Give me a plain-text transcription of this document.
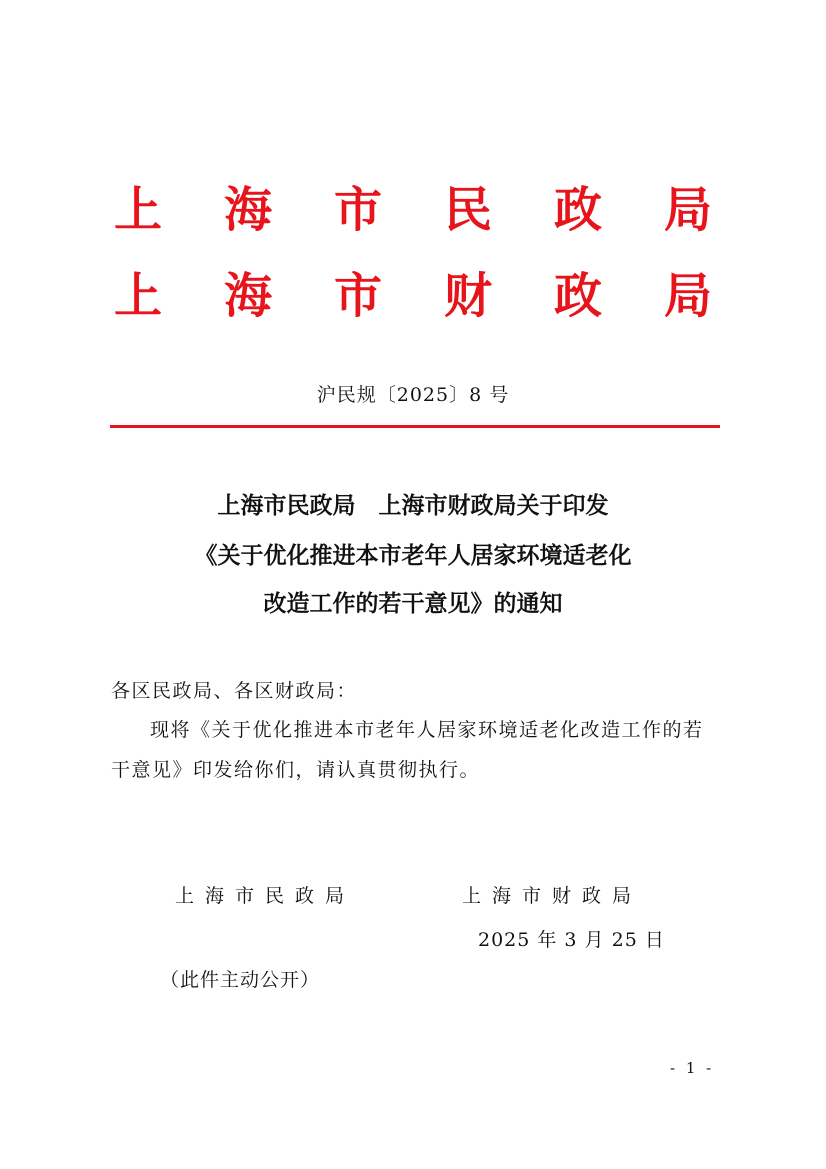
上 海 市 民 政 局
上 海 市 财 政 局
沪民规〔2025〕8 号
上海市民政局　上海市财政局关于印发
《关于优化推进本市老年人居家环境适老化
改造工作的若干意见》的通知
各区民政局、各区财政局：
现将《关于优化推进本市老年人居家环境适老化改造工作的若
干意见》印发给你们，请认真贯彻执行。
上海市民政局	上海市财政局
2025 年 3 月 25 日
（此件主动公开）
- 1 -
